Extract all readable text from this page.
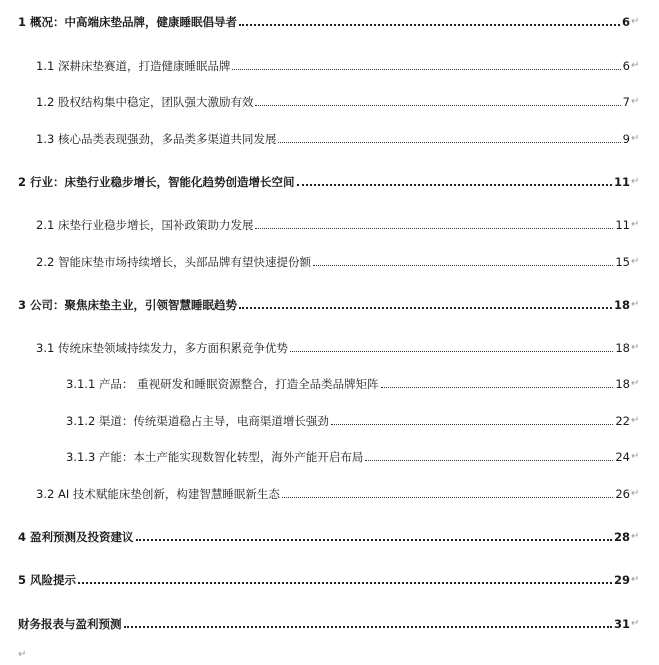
1 概况：中高端床垫品牌，健康睡眠倡导者	6 ↵
1.1 深耕床垫赛道，打造健康睡眠品牌	6 ↵
1.2 股权结构集中稳定，团队强大激励有效	7 ↵
1.3 核心品类表现强劲，多品类多渠道共同发展	9 ↵
2 行业：床垫行业稳步增长，智能化趋势创造增长空间	11 ↵
2.1 床垫行业稳步增长，国补政策助力发展	11 ↵
2.2 智能床垫市场持续增长，头部品牌有望快速提份额	15 ↵
3 公司：聚焦床垫主业，引领智慧睡眠趋势	18 ↵
3.1 传统床垫领域持续发力，多方面积累竞争优势	18 ↵
3.1.1 产品： 重视研发和睡眠资源整合，打造全品类品牌矩阵	18 ↵
3.1.2 渠道：传统渠道稳占主导，电商渠道增长强劲	22 ↵
3.1.3 产能：本土产能实现数智化转型，海外产能开启布局	24 ↵
3.2 AI 技术赋能床垫创新，构建智慧睡眠新生态	26 ↵
4 盈利预测及投资建议	28 ↵
5 风险提示	29 ↵
财务报表与盈利预测	31 ↵
↵
